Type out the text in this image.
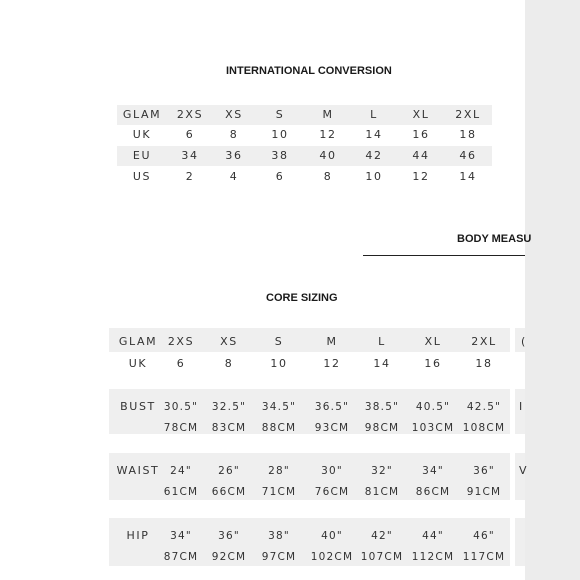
INTERNATIONAL CONVERSION
GLAM 2XS XS	S	M	L	XL 2XL
UK	6	8	10	12	14	16	18
EU	34 36	38	40	42	44	46
US	2	4	6	8	10	12	14
BODY MEASU
CORE SIZING
GLAM 2XS XS	S	M	L	XL	2XL (
UK	6	8	10	12	14	16	18
BUST 30.5" 32.5" 34.5" 36.5" 38.5" 40.5" 42.5"
78CM 83CM 88CM 93CM 98CM 103CM 108CM
I
WAIST 24" 26"	28"	30"	32"	34"	36"
61CM 66CM 71CM 76CM 81CM 86CM 91CM
V
HIP 34" 36"	38"	40"	42"	44"	46"
87CM 92CM 97CM 102CM 107CM 112CM 117CM
